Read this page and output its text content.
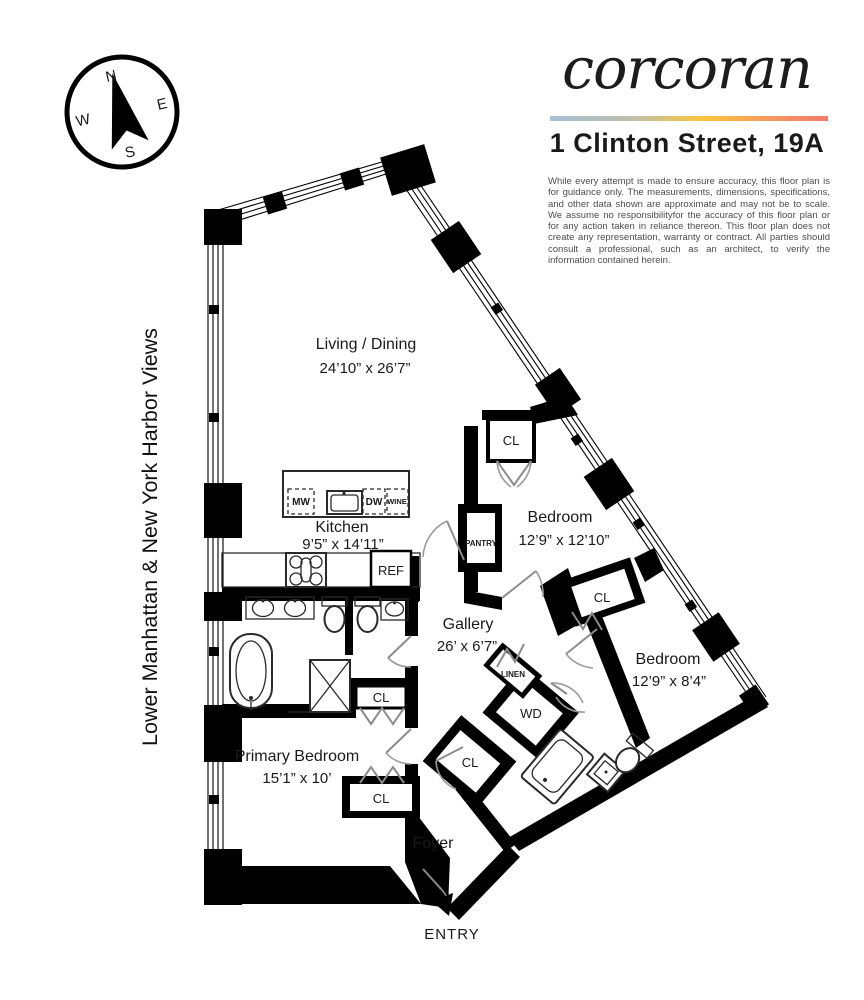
corcoran
1 Clinton Street, 19A
While every attempt is made to ensure accuracy, this floor plan is for guidance only. The measurements, dimensions, specifications, and other data shown are approximate and may not be to scale. We assume no responsibilityfor the accuracy of this floor plan or for any action taken in reliance thereon. This floor plan does not create any representation, warranty or contract. All parties should consult a professional, such as an architect, to verify the information contained herein.
Lower Manhattan & New York Harbor Views
N
E
S
W
Living / Dining
24’10” x 26’7”
Kitchen
9’5” x 14’11”
Bedroom
12’9” x 12’10”
Bedroom
12’9” x 8’4”
Gallery
26’ x 6’7”
Primary Bedroom
15’1” x 10’
Foyer
ENTRY
MW	DW WINE
REF
PANTRY
CL
CL
CL
CL
CL
LINEN
WD
